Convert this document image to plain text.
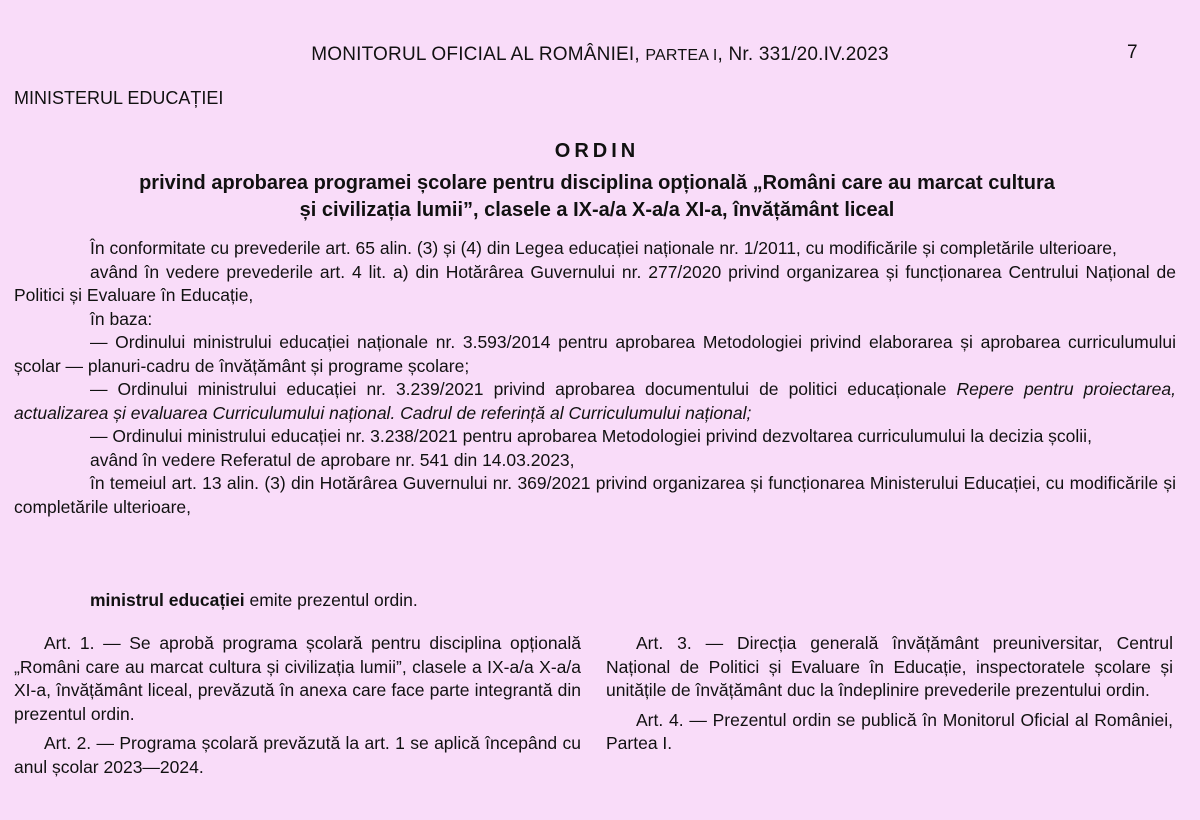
MONITORUL OFICIAL AL ROMÂNIEI, PARTEA I, Nr. 331/20.IV.2023	7
MINISTERUL EDUCAȚIEI
ORDIN
privind aprobarea programei școlare pentru disciplina opțională „Români care au marcat cultura
și civilizația lumii”, clasele a IX-a/a X-a/a XI-a, învățământ liceal

În conformitate cu prevederile art. 65 alin. (3) și (4) din Legea educației naționale nr. 1/2011, cu modificările și completările ulterioare,

având în vedere prevederile art. 4 lit. a) din Hotărârea Guvernului nr. 277/2020 privind organizarea și funcționarea Centrului Național de Politici și Evaluare în Educație,

în baza:

— Ordinului ministrului educației naționale nr. 3.593/2014 pentru aprobarea Metodologiei privind elaborarea și aprobarea curriculumului școlar — planuri-cadru de învățământ și programe școlare;

— Ordinului ministrului educației nr. 3.239/2021 privind aprobarea documentului de politici educaționale Repere pentru proiectarea, actualizarea și evaluarea Curriculumului național. Cadrul de referință al Curriculumului național;

— Ordinului ministrului educației nr. 3.238/2021 pentru aprobarea Metodologiei privind dezvoltarea curriculumului la decizia școlii,

având în vedere Referatul de aprobare nr. 541 din 14.03.2023,

în temeiul art. 13 alin. (3) din Hotărârea Guvernului nr. 369/2021 privind organizarea și funcționarea Ministerului Educației, cu modificările și completările ulterioare,

ministrul educației emite prezentul ordin.

Art. 1. — Se aprobă programa școlară pentru disciplina opțională „Români care au marcat cultura și civilizația lumii”, clasele a IX-a/a X-a/a XI-a, învățământ liceal, prevăzută în anexa care face parte integrantă din prezentul ordin.

Art. 2. — Programa școlară prevăzută la art. 1 se aplică începând cu anul școlar 2023—2024.

Art. 3. — Direcția generală învățământ preuniversitar, Centrul Național de Politici și Evaluare în Educație, inspectoratele școlare și unitățile de învățământ duc la îndeplinire prevederile prezentului ordin.

Art. 4. — Prezentul ordin se publică în Monitorul Oficial al României, Partea I.
